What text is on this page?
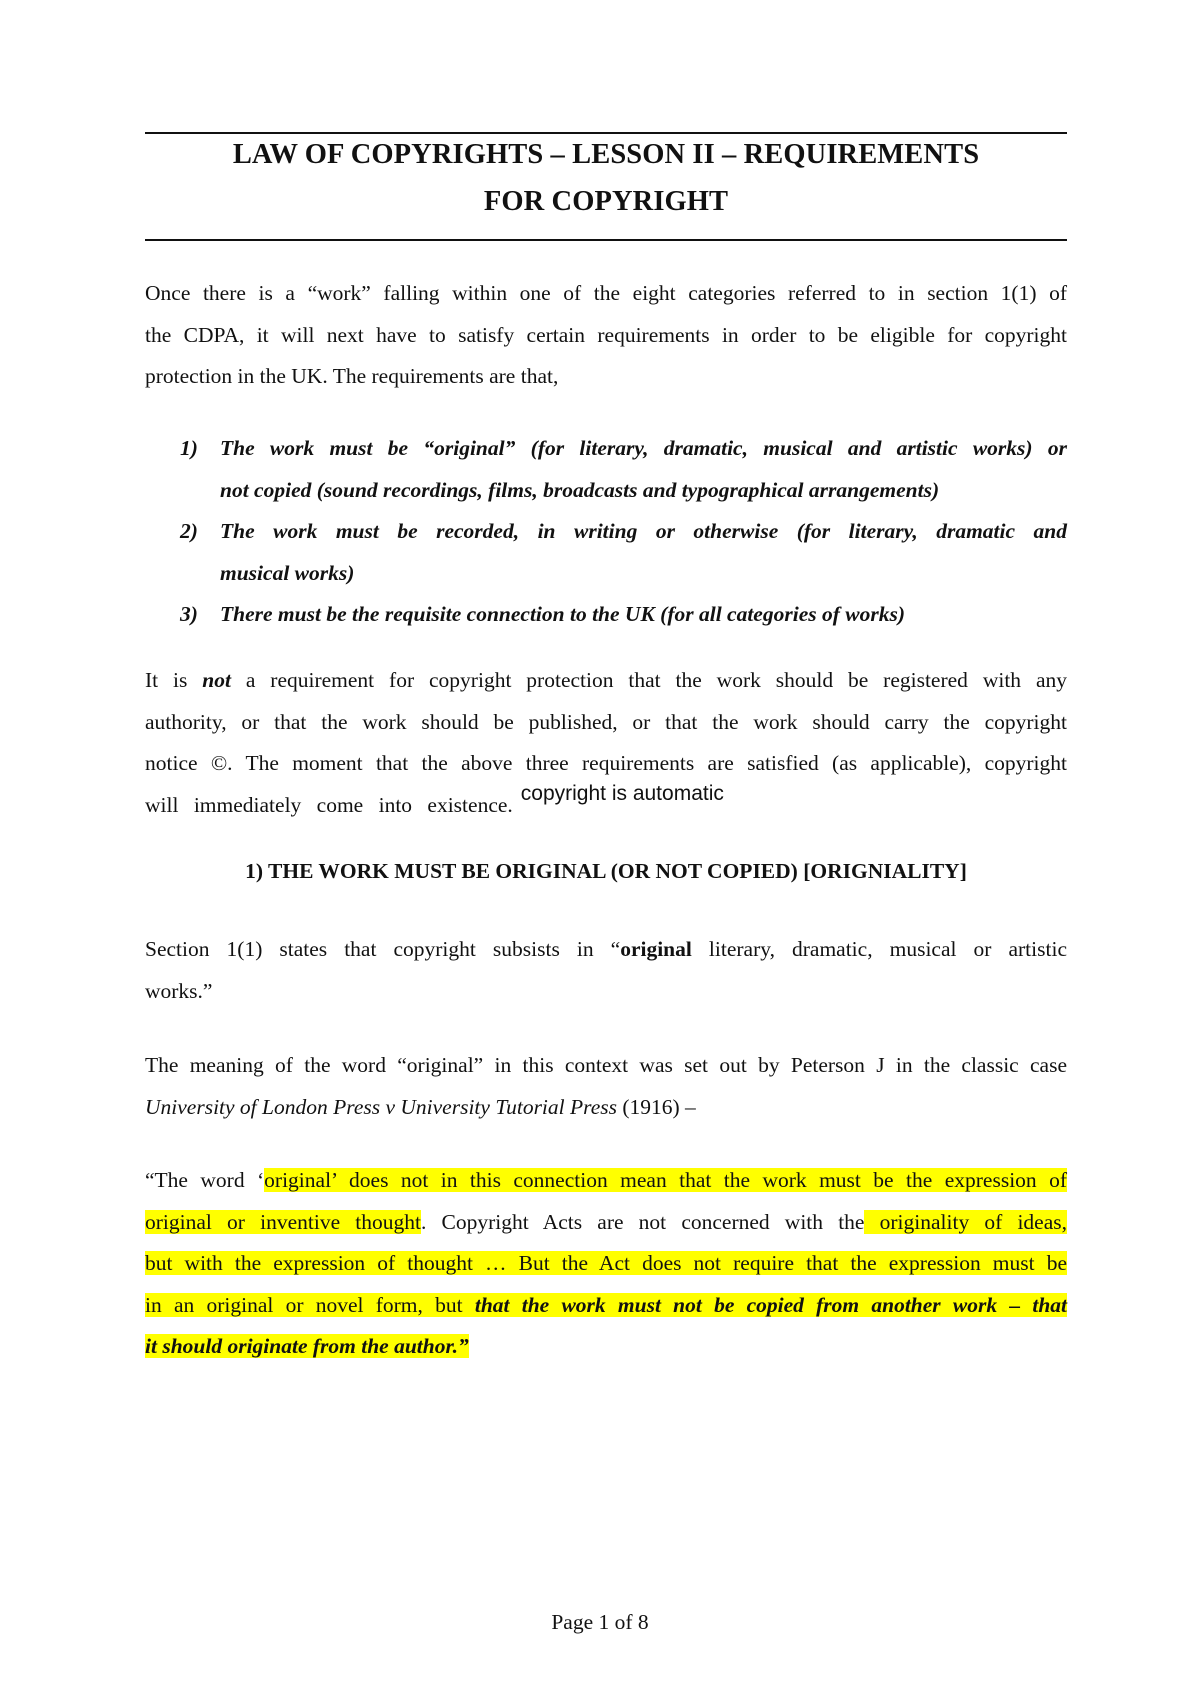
LAW OF COPYRIGHTS – LESSON II – REQUIREMENTS
FOR COPYRIGHT
Once there is a “work” falling within one of the eight categories referred to in section 1(1) of
the CDPA, it will next have to satisfy certain requirements in order to be eligible for copyright
protection in the UK. The requirements are that,
1) The work must be “original” (for literary, dramatic, musical and artistic works) or
not copied (sound recordings, films, broadcasts and typographical arrangements)
2) The work must be recorded, in writing or otherwise (for literary, dramatic and
musical works)
3) There must be the requisite connection to the UK (for all categories of works)
It is not a requirement for copyright protection that the work should be registered with any
authority, or that the work should be published, or that the work should carry the copyright
notice ©. The moment that the above three requirements are satisfied (as applicable), copyright
will immediately come into existence. copyright is automatic
1) THE WORK MUST BE ORIGINAL (OR NOT COPIED) [ORIGNIALITY]
Section 1(1) states that copyright subsists in “original literary, dramatic, musical or artistic
works.”
The meaning of the word “original” in this context was set out by Peterson J in the classic case
University of London Press v University Tutorial Press (1916) –
“The word ‘original’ does not in this connection mean that the work must be the expression of
original or inventive thought. Copyright Acts are not concerned with the originality of ideas,
but with the expression of thought … But the Act does not require that the expression must be
in an original or novel form, but that the work must not be copied from another work – that
it should originate from the author.”
Page 1 of 8
